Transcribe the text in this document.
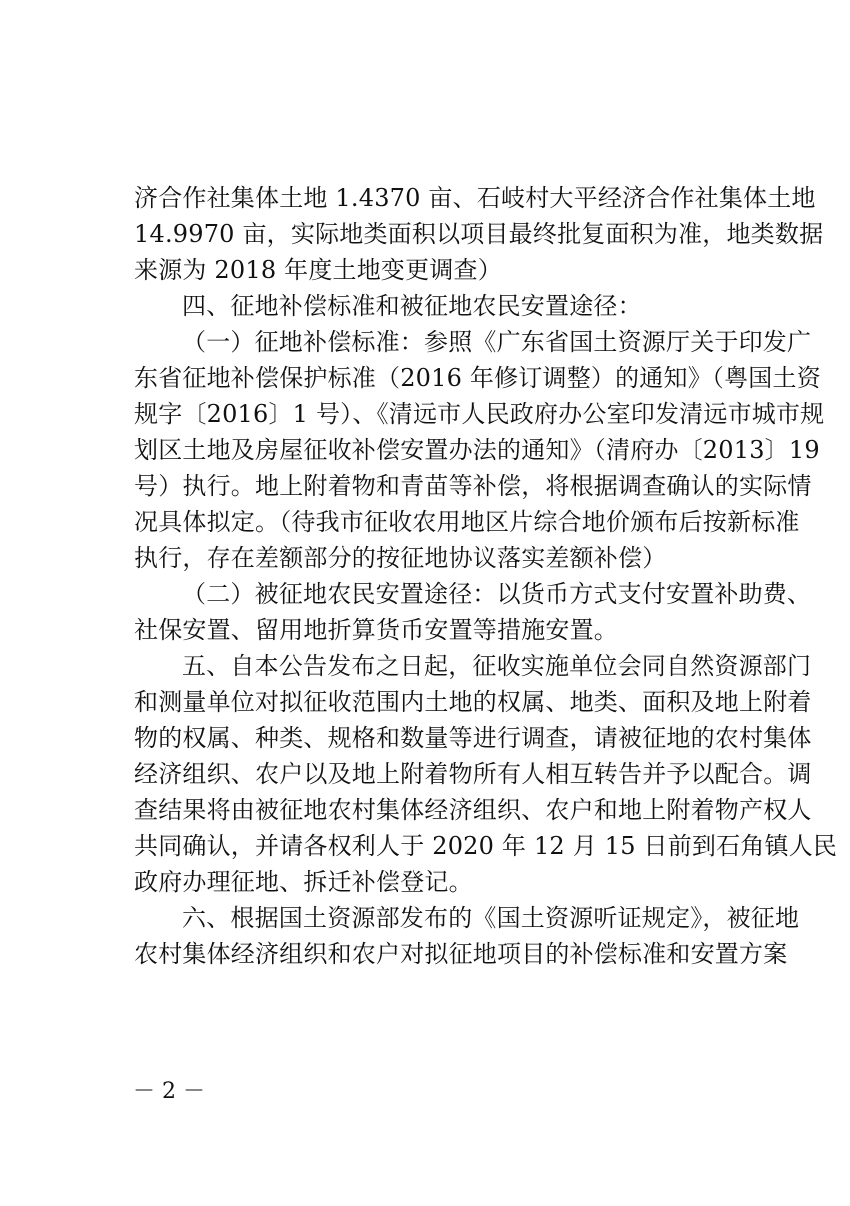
济合作社集体土地 1.4370 亩、石岐村大平经济合作社集体土地
14.9970 亩，实际地类面积以项目最终批复面积为准，地类数据
来源为 2018 年度土地变更调查）
四、征地补偿标准和被征地农民安置途径：
（一）征地补偿标准：参照《广东省国土资源厅关于印发广
东省征地补偿保护标准（2016 年修订调整）的通知》（粤国土资
规字〔2016〕1 号）、《清远市人民政府办公室印发清远市城市规
划区土地及房屋征收补偿安置办法的通知》（清府办〔2013〕19
号）执行。地上附着物和青苗等补偿，将根据调查确认的实际情
况具体拟定。（待我市征收农用地区片综合地价颁布后按新标准
执行，存在差额部分的按征地协议落实差额补偿）
（二）被征地农民安置途径：以货币方式支付安置补助费、
社保安置、留用地折算货币安置等措施安置。
五、自本公告发布之日起，征收实施单位会同自然资源部门
和测量单位对拟征收范围内土地的权属、地类、面积及地上附着
物的权属、种类、规格和数量等进行调查，请被征地的农村集体
经济组织、农户以及地上附着物所有人相互转告并予以配合。调
查结果将由被征地农村集体经济组织、农户和地上附着物产权人
共同确认，并请各权利人于 2020 年 12 月 15 日前到石角镇人民
政府办理征地、拆迁补偿登记。
六、根据国土资源部发布的《国土资源听证规定》，被征地
农村集体经济组织和农户对拟征地项目的补偿标准和安置方案
－ 2 －
